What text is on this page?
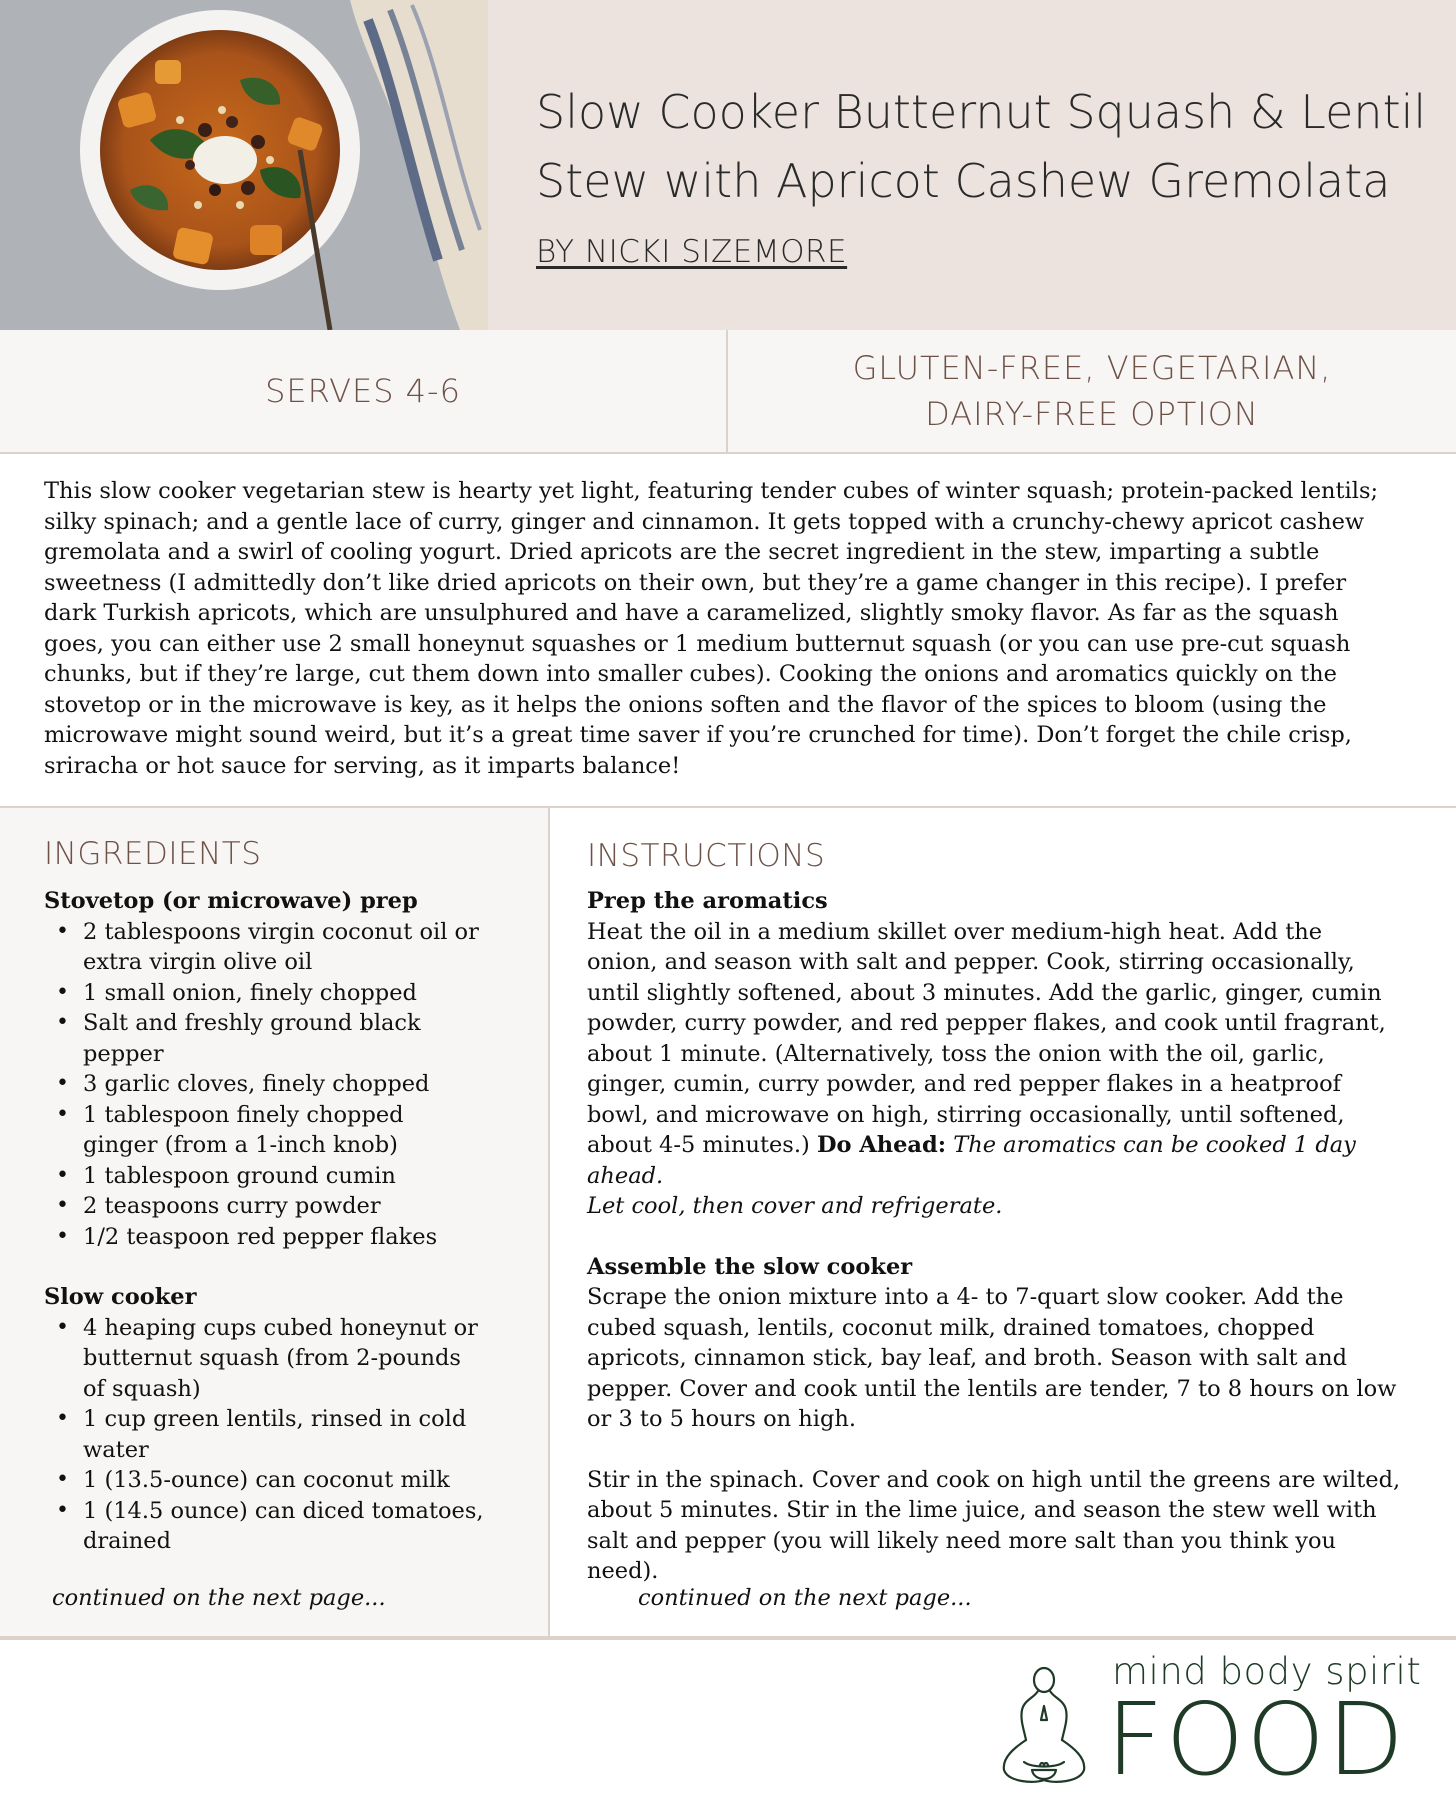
Slow Cooker Butternut Squash & Lentil
Stew with Apricot Cashew Gremolata
BY NICKI SIZEMORE
SERVES 4-6
GLUTEN-FREE, VEGETARIAN,
DAIRY-FREE OPTION

This slow cooker vegetarian stew is hearty yet light, featuring tender cubes of winter squash; protein-packed lentils;
silky spinach; and a gentle lace of curry, ginger and cinnamon. It gets topped with a crunchy-chewy apricot cashew
gremolata and a swirl of cooling yogurt. Dried apricots are the secret ingredient in the stew, imparting a subtle
sweetness (I admittedly don’t like dried apricots on their own, but they’re a game changer in this recipe). I prefer
dark Turkish apricots, which are unsulphured and have a caramelized, slightly smoky flavor. As far as the squash
goes, you can either use 2 small honeynut squashes or 1 medium butternut squash (or you can use pre-cut squash
chunks, but if they’re large, cut them down into smaller cubes). Cooking the onions and aromatics quickly on the
stovetop or in the microwave is key, as it helps the onions soften and the flavor of the spices to bloom (using the
microwave might sound weird, but it’s a great time saver if you’re crunched for time). Don’t forget the chile crisp,
sriracha or hot sauce for serving, as it imparts balance!

INGREDIENTS

Stovetop (or microwave) prep

• 2 tablespoons virgin coconut oil or
extra virgin olive oil
• 1 small onion, finely chopped
• Salt and freshly ground black
pepper
• 3 garlic cloves, finely chopped
• 1 tablespoon finely chopped
ginger (from a 1-inch knob)
• 1 tablespoon ground cumin
• 2 teaspoons curry powder
• 1/2 teaspoon red pepper flakes

Slow cooker

• 4 heaping cups cubed honeynut or
butternut squash (from 2-pounds
of squash)
• 1 cup green lentils, rinsed in cold
water
• 1 (13.5-ounce) can coconut milk
• 1 (14.5 ounce) can diced tomatoes,
drained
continued on the next page...
INSTRUCTIONS

Prep the aromatics

Heat the oil in a medium skillet over medium-high heat. Add the
onion, and season with salt and pepper. Cook, stirring occasionally,
until slightly softened, about 3 minutes. Add the garlic, ginger, cumin
powder, curry powder, and red pepper flakes, and cook until fragrant,
about 1 minute. (Alternatively, toss the onion with the oil, garlic,
ginger, cumin, curry powder, and red pepper flakes in a heatproof
bowl, and microwave on high, stirring occasionally, until softened,
about 4-5 minutes.) Do Ahead: The aromatics can be cooked 1 day ahead.
Let cool, then cover and refrigerate.

Assemble the slow cooker

Scrape the onion mixture into a 4- to 7-quart slow cooker. Add the
cubed squash, lentils, coconut milk, drained tomatoes, chopped
apricots, cinnamon stick, bay leaf, and broth. Season with salt and
pepper. Cover and cook until the lentils are tender, 7 to 8 hours on low
or 3 to 5 hours on high.

Stir in the spinach. Cover and cook on high until the greens are wilted,
about 5 minutes. Stir in the lime juice, and season the stew well with
salt and pepper (you will likely need more salt than you think you
need).

continued on the next page...
mind body spirit
FOOD
